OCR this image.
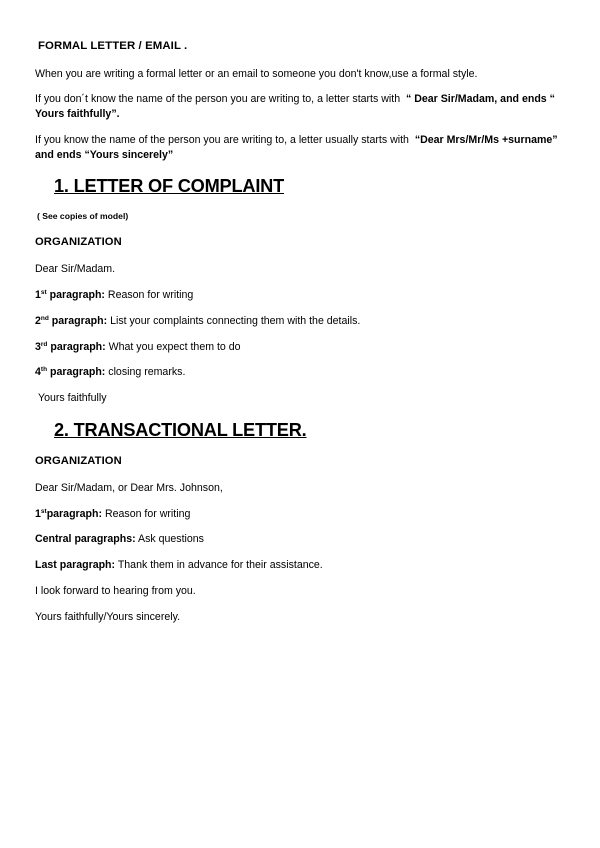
FORMAL LETTER / EMAIL .

When you are writing a formal letter or an email to someone you don't know,use a formal style.

If you don´t know the name of the person you are writing to, a letter starts with “ Dear Sir/Madam, and ends “ Yours faithfully”.

If you know the name of the person you are writing to, a letter usually starts with “Dear Mrs/Mr/Ms +surname” and ends “Yours sincerely”

1. LETTER OF COMPLAINT

( See copies of model)

ORGANIZATION

Dear Sir/Madam.

1st paragraph: Reason for writing

2nd paragraph: List your complaints connecting them with the details.

3rd paragraph: What you expect them to do

4th paragraph: closing remarks.

Yours faithfully

2. TRANSACTIONAL LETTER.

ORGANIZATION

Dear Sir/Madam, or Dear Mrs. Johnson,

1stparagraph: Reason for writing

Central paragraphs: Ask questions

Last paragraph: Thank them in advance for their assistance.

I look forward to hearing from you.

Yours faithfully/Yours sincerely.
